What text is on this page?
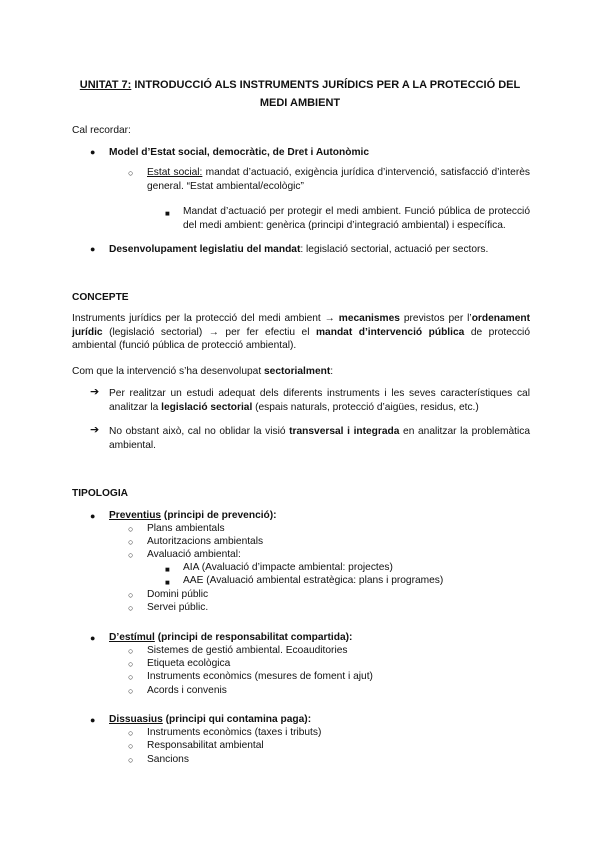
UNITAT 7: INTRODUCCIÓ ALS INSTRUMENTS JURÍDICS PER A LA PROTECCIÓ DEL MEDI AMBIENT
Cal recordar:
● Model d’Estat social, democràtic, de Dret i Autonòmic
○ Estat social: mandat d’actuació, exigència jurídica d’intervenció, satisfacció d’interès general. “Estat ambiental/ecològic”
■ Mandat d’actuació per protegir el medi ambient. Funció pública de protecció del medi ambient: genèrica (principi d’integració ambiental) i específica.
● Desenvolupament legislatiu del mandat: legislació sectorial, actuació per sectors.
CONCEPTE
Instruments jurídics per la protecció del medi ambient → mecanismes previstos per l’ordenament jurídic (legislació sectorial) → per fer efectiu el mandat d’intervenció pública de protecció ambiental (funció pública de protecció ambiental).
Com que la intervenció s’ha desenvolupat sectorialment:
➔ Per realitzar un estudi adequat dels diferents instruments i les seves característiques cal analitzar la legislació sectorial (espais naturals, protecció d’aigües, residus, etc.)
➔ No obstant això, cal no oblidar la visió transversal i integrada en analitzar la problemàtica ambiental.
TIPOLOGIA
● Preventius (principi de prevenció):
○ Plans ambientals
○ Autoritzacions ambientals
○ Avaluació ambiental:
■ AIA (Avaluació d’impacte ambiental: projectes)
■ AAE (Avaluació ambiental estratègica: plans i programes)
○ Domini públic
○ Servei públic.
● D’estímul (principi de responsabilitat compartida):
○ Sistemes de gestió ambiental. Ecoauditories
○ Etiqueta ecològica
○ Instruments econòmics (mesures de foment i ajut)
○ Acords i convenis
● Dissuasius (principi qui contamina paga):
○ Instruments econòmics (taxes i tributs)
○ Responsabilitat ambiental
○ Sancions
